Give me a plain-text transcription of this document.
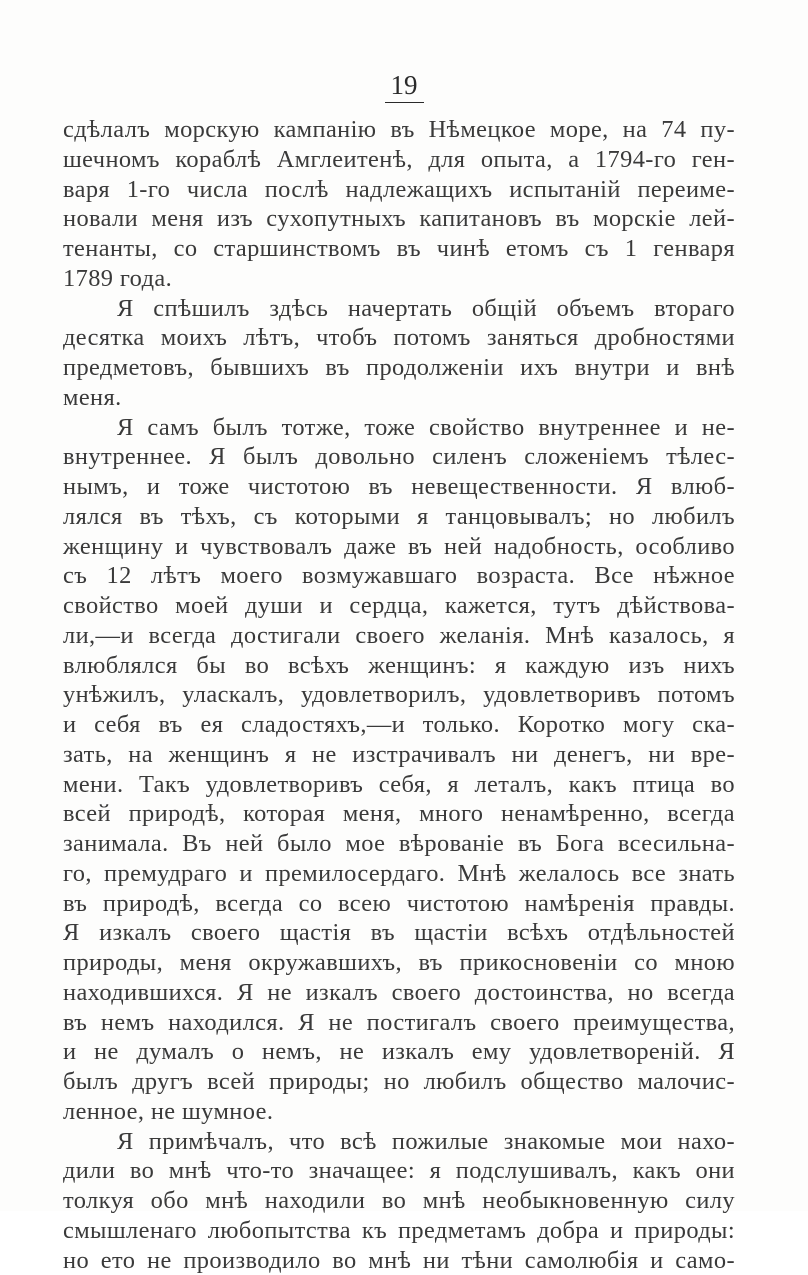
19
сдѣлалъ морскую кампанію въ Нѣмецкое море, на 74 пу-
шечномъ кораблѣ Амглеитенѣ, для опыта, а 1794-го ген-
варя 1-го числа послѣ надлежащихъ испытаній переиме-
новали меня изъ сухопутныхъ капитановъ въ морскіе лей-
тенанты, со старшинствомъ въ чинѣ етомъ съ 1 генваря
1789 года.
Я спѣшилъ здѣсь начертать общій объемъ втораго
десятка моихъ лѣтъ, чтобъ потомъ заняться дробностями
предметовъ, бывшихъ въ продолженіи ихъ внутри и внѣ
меня.
Я самъ былъ тотже, тоже свойство внутреннее и не-
внутреннее. Я былъ довольно силенъ сложеніемъ тѣлес-
нымъ, и тоже чистотою въ невещественности. Я влюб-
лялся въ тѣхъ, съ которыми я танцовывалъ; но любилъ
женщину и чувствовалъ даже въ ней надобность, особливо
съ 12 лѣтъ моего возмужавшаго возраста. Все нѣжное
свойство моей души и сердца, кажется, тутъ дѣйствова-
ли,—и всегда достигали своего желанія. Мнѣ казалось, я
влюблялся бы во всѣхъ женщинъ: я каждую изъ нихъ
унѣжилъ, уласкалъ, удовлетворилъ, удовлетворивъ потомъ
и себя въ ея сладостяхъ,—и только. Коротко могу ска-
зать, на женщинъ я не изстрачивалъ ни денегъ, ни вре-
мени. Такъ удовлетворивъ себя, я леталъ, какъ птица во
всей природѣ, которая меня, много ненамѣренно, всегда
занимала. Въ ней было мое вѣрованіе въ Бога всесильна-
го, премудраго и премилосердаго. Мнѣ желалось все знать
въ природѣ, всегда со всею чистотою намѣренія правды.
Я изкалъ своего щастія въ щастіи всѣхъ отдѣльностей
природы, меня окружавшихъ, въ прикосновеніи со мною
находившихся. Я не изкалъ своего достоинства, но всегда
въ немъ находился. Я не постигалъ своего преимущества,
и не думалъ о немъ, не изкалъ ему удовлетвореній. Я
былъ другъ всей природы; но любилъ общество малочис-
ленное, не шумное.
Я примѣчалъ, что всѣ пожилые знакомые мои нахо-
дили во мнѣ что-то значащее: я подслушивалъ, какъ они
толкуя обо мнѣ находили во мнѣ необыкновенную силу
смышленаго любопытства къ предметамъ добра и природы:
но ето не производило во мнѣ ни тѣни самолюбія и само-
